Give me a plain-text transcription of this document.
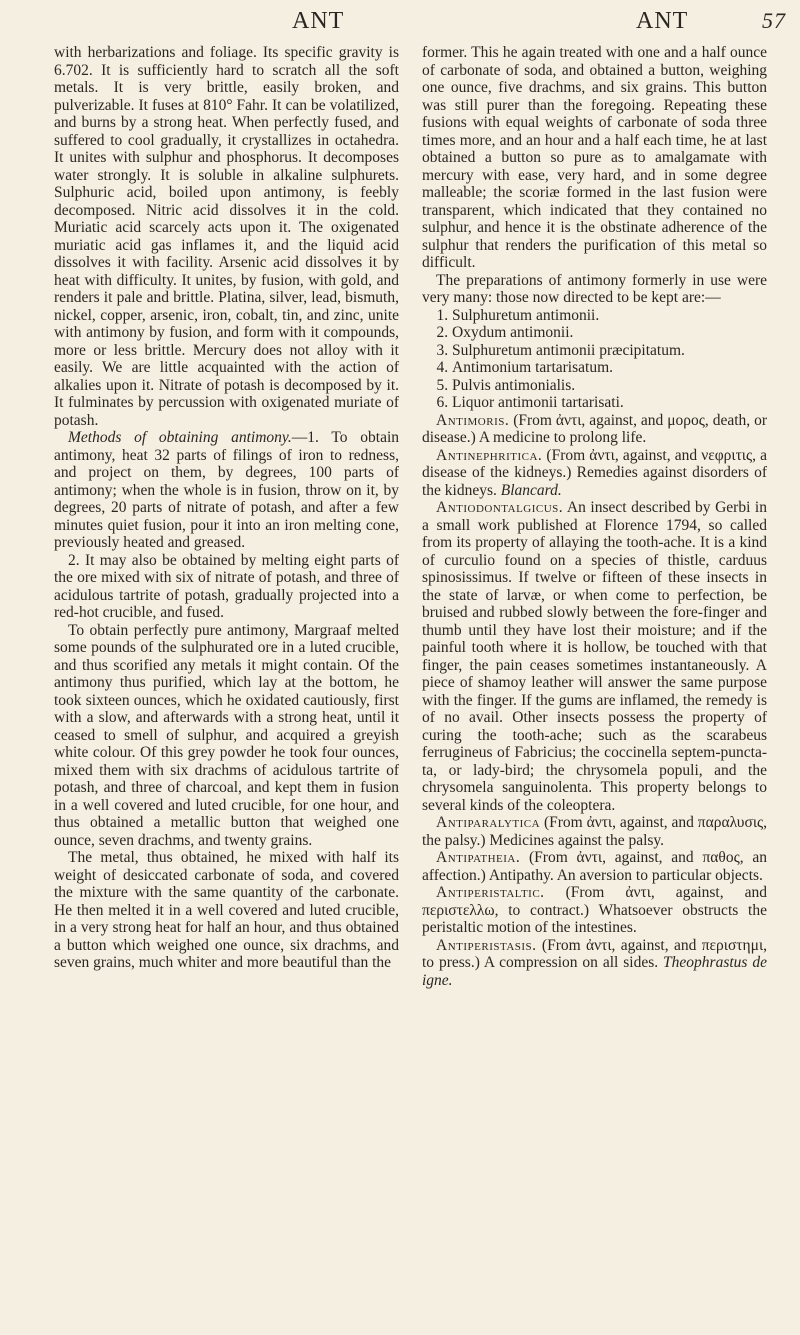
ANT	ANT	57

with herbarizations and foliage. Its specific gravity is 6.702. It is sufficiently hard to scratch all the soft metals. It is very brittle, easily broken, and pulverizable. It fuses at 810° Fahr. It can be volatilized, and burns by a strong heat. When perfectly fused, and suffered to cool gradually, it crystallizes in octahedra. It unites with sulphur and phosphorus. It decomposes water strongly. It is soluble in alkaline sulphurets. Sulphuric acid, boiled upon antimony, is feebly decomposed. Nitric acid dissolves it in the cold. Muriatic acid scarcely acts upon it. The oxigenated muriatic acid gas inflames it, and the liquid acid dissolves it with facility. Arsenic acid dissolves it by heat with difficulty. It unites, by fusion, with gold, and renders it pale and brittle. Platina, silver, lead, bismuth, nickel, copper, arsenic, iron, cobalt, tin, and zinc, unite with antimony by fusion, and form with it compounds, more or less brittle. Mercury does not alloy with it easily. We are little acquainted with the action of alkalies upon it. Nitrate of potash is decomposed by it. It fulminates by percussion with oxigenated muriate of potash.

Methods of obtaining antimony.—1. To obtain antimony, heat 32 parts of filings of iron to redness, and project on them, by degrees, 100 parts of antimony; when the whole is in fusion, throw on it, by degrees, 20 parts of nitrate of potash, and after a few minutes quiet fusion, pour it into an iron melting cone, previously heated and greased.

2. It may also be obtained by melting eight parts of the ore mixed with six of nitrate of potash, and three of acidulous tartrite of potash, gradually projected into a red-hot crucible, and fused.

To obtain perfectly pure antimony, Margraaf melted some pounds of the sulphurated ore in a luted crucible, and thus scorified any metals it might contain. Of the antimony thus purified, which lay at the bottom, he took sixteen ounces, which he oxidated cautiously, first with a slow, and afterwards with a strong heat, until it ceased to smell of sulphur, and acquired a greyish white colour. Of this grey powder he took four ounces, mixed them with six drachms of acidulous tartrite of potash, and three of charcoal, and kept them in fusion in a well covered and luted crucible, for one hour, and thus obtained a metallic button that weighed one ounce, seven drachms, and twenty grains.

The metal, thus obtained, he mixed with half its weight of desiccated carbonate of soda, and covered the mixture with the same quantity of the carbonate. He then melted it in a well covered and luted crucible, in a very strong heat for half an hour, and thus obtained a button which weighed one ounce, six drachms, and seven grains, much whiter and more beautiful than the

former. This he again treated with one and a half ounce of carbonate of soda, and obtained a button, weighing one ounce, five drachms, and six grains. This button was still purer than the foregoing. Repeating these fusions with equal weights of carbonate of soda three times more, and an hour and a half each time, he at last obtained a button so pure as to amalgamate with mercury with ease, very hard, and in some degree malleable; the scoriæ formed in the last fusion were transparent, which indicated that they contained no sulphur, and hence it is the obstinate adherence of the sulphur that renders the purification of this metal so difficult.

The preparations of antimony formerly in use were very many: those now directed to be kept are:—

1. Sulphuretum antimonii.
2. Oxydum antimonii.
3. Sulphuretum antimonii præcipitatum.
4. Antimonium tartarisatum.
5. Pulvis antimonialis.
6. Liquor antimonii tartarisati.

Antimoris. (From ἀντι, against, and μορος, death, or disease.) A medicine to prolong life.

Antinephritica. (From ἀντι, against, and νεφριτις, a disease of the kidneys.) Remedies against disorders of the kidneys. Blancard.

Antiodontalgicus. An insect described by Gerbi in a small work published at Florence 1794, so called from its property of allaying the tooth-ache. It is a kind of curculio found on a species of thistle, carduus spinosissimus. If twelve or fifteen of these insects in the state of larvæ, or when come to perfection, be bruised and rubbed slowly between the fore-finger and thumb until they have lost their moisture; and if the painful tooth where it is hollow, be touched with that finger, the pain ceases sometimes instantaneously. A piece of shamoy leather will answer the same purpose with the finger. If the gums are inflamed, the remedy is of no avail. Other insects possess the property of curing the tooth-ache; such as the scarabeus ferrugineus of Fabricius; the coccinella septem-puncta-ta, or lady-bird; the chrysomela populi, and the chrysomela sanguinolenta. This property belongs to several kinds of the coleoptera.

Antiparalytica (From ἀντι, against, and παραλυσις, the palsy.) Medicines against the palsy.

Antipatheia. (From ἀντι, against, and παθος, an affection.) Antipathy. An aversion to particular objects.

Antiperistaltic. (From ἀντι, against, and περιστελλω, to contract.) Whatsoever obstructs the peristaltic motion of the intestines.

Antiperistasis. (From ἀντι, against, and περιστημι, to press.) A compression on all sides. Theophrastus de igne.
